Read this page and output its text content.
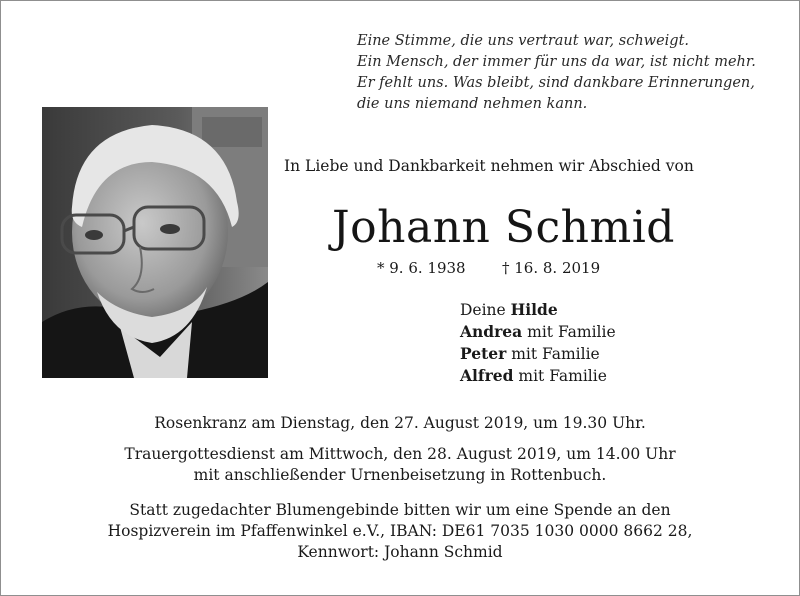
Eine Stimme, die uns vertraut war, schweigt.
Ein Mensch, der immer für uns da war, ist nicht mehr.
Er fehlt uns. Was bleibt, sind dankbare Erinnerungen,
die uns niemand nehmen kann.
In Liebe und Dankbarkeit nehmen wir Abschied von
Johann Schmid
* 9. 6. 1938 † 16. 8. 2019
Deine Hilde
Andrea mit Familie
Peter mit Familie
Alfred mit Familie
Rosenkranz am Dienstag, den 27. August 2019, um 19.30 Uhr.
Trauergottesdienst am Mittwoch, den 28. August 2019, um 14.00 Uhr
mit anschließender Urnenbeisetzung in Rottenbuch.
Statt zugedachter Blumengebinde bitten wir um eine Spende an den
Hospizverein im Pfaffenwinkel e.V., IBAN: DE61 7035 1030 0000 8662 28,
Kennwort: Johann Schmid
